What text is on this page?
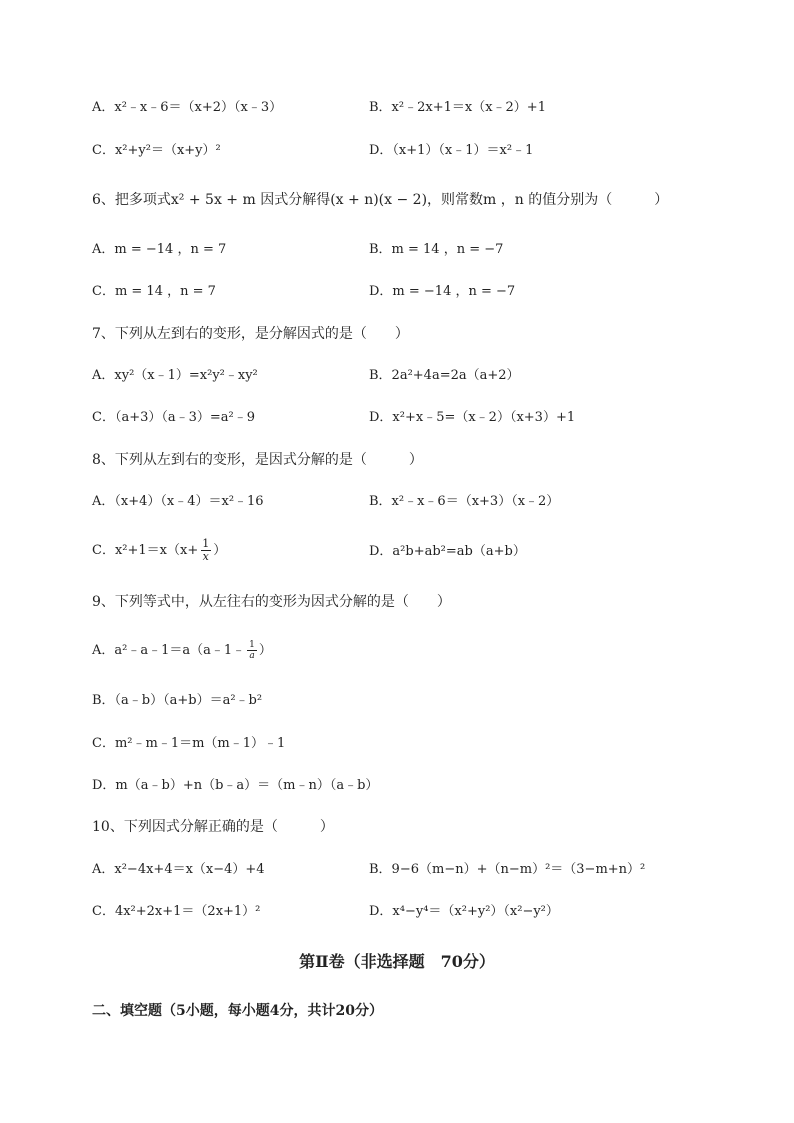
A．x²﹣x﹣6＝（x+2）（x﹣3）	B．x²﹣2x+1＝x（x﹣2）+1
C．x²+y²＝（x+y）²	D．（x+1）（x﹣1）＝x²﹣1
6、把多项式x² + 5x + m 因式分解得(x + n)(x − 2)，则常数m ，n 的值分别为（　　　）
A．m = −14 ，n = 7	B．m = 14 ，n = −7
C．m = 14 ，n = 7	D．m = −14 ，n = −7
7、下列从左到右的变形，是分解因式的是（　　）
A．xy²（x﹣1）=x²y²﹣xy²	B．2a²+4a=2a（a+2）
C．（a+3）（a﹣3）=a²﹣9	D．x²+x﹣5=（x﹣2）（x+3）+1
8、下列从左到右的变形，是因式分解的是（　　　）
A．（x+4）（x﹣4）＝x²﹣16	B．x²﹣x﹣6＝（x+3）（x﹣2）
C．$x^2+1=x(x+ \frac{1}{x}$ ）	D．a²b+ab²=ab（a+b）
9、下列等式中，从左往右的变形为因式分解的是（　　）
A．a²﹣a﹣1＝a（a﹣1﹣ $\frac{1}{a}$ ）
B．（a﹣b）（a+b）＝a²﹣b²
C．m²﹣m﹣1＝m（m﹣1）﹣1
D．m（a﹣b）+n（b﹣a）＝（m﹣n）（a﹣b）
10、下列因式分解正确的是（　　　）
A．x²−4x+4＝x（x−4）+4	B．9−6（m−n）+（n−m）²＝（3−m+n）²
C．4x²+2x+1＝（2x+1）²	D．x⁴−y⁴＝（x²+y²）（x²−y²）
第Ⅱ卷（非选择题　70分）
二、填空题（5小题，每小题4分，共计20分）
